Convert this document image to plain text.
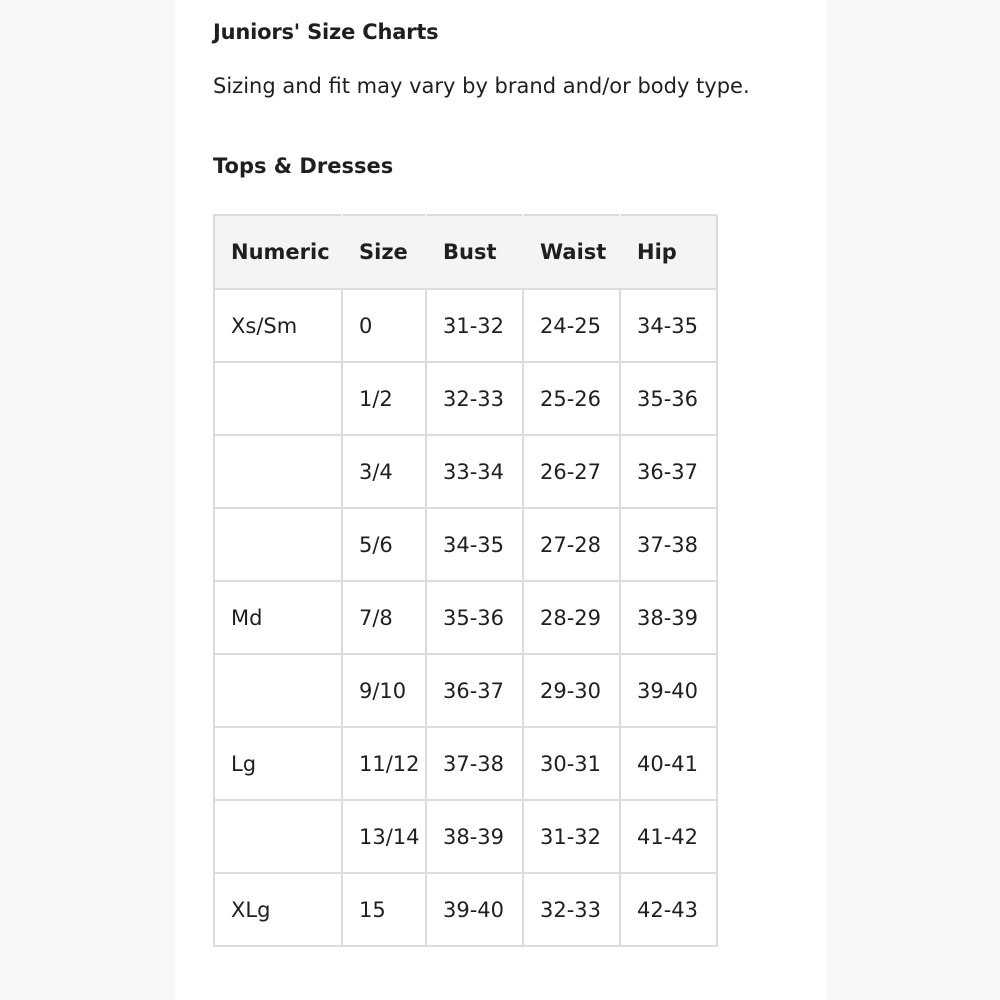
Juniors' Size Charts

Sizing and fit may vary by brand and/or body type.

Tops & Dresses
Numeric	Size	Bust	Waist	Hip
Xs/Sm	0	31-32	24-25	34-35
	1/2	32-33	25-26	35-36
	3/4	33-34	26-27	36-37
	5/6	34-35	27-28	37-38
Md	7/8	35-36	28-29	38-39
	9/10	36-37	29-30	39-40
Lg	11/12	37-38	30-31	40-41
	13/14	38-39	31-32	41-42
XLg	15	39-40	32-33	42-43
